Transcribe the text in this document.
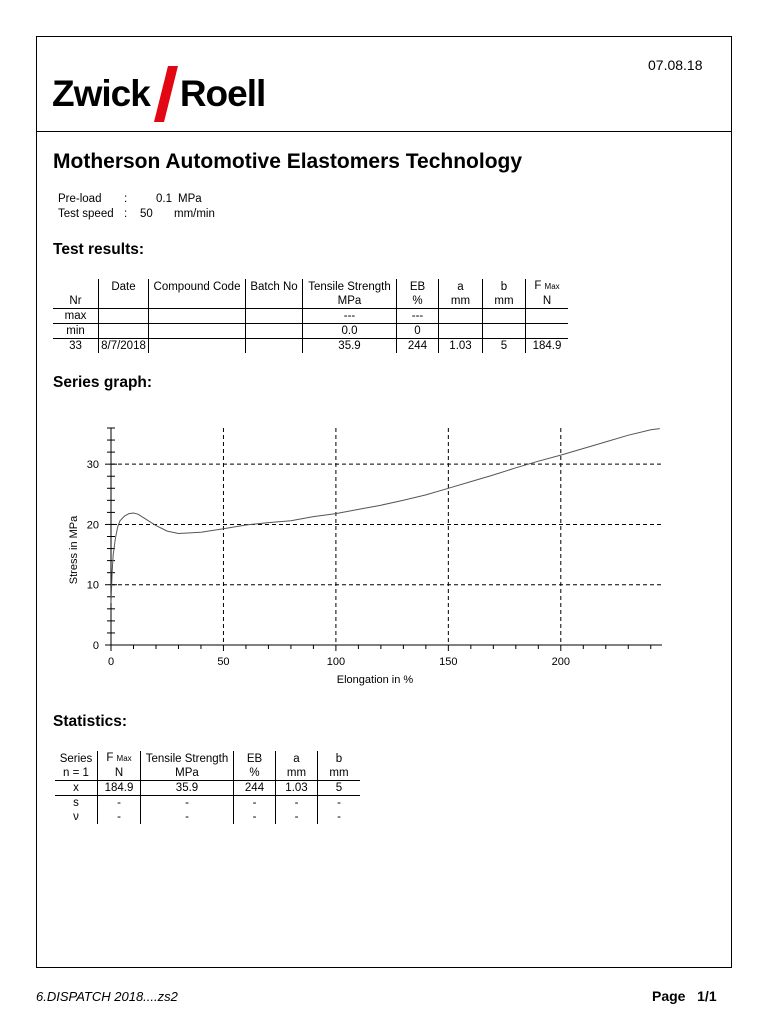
Zwick Roell
07.08.18
Motherson Automotive Elastomers Technology
Pre-load	:	0.1 MPa
Test speed :	50	mm/min
Test results:
	Date	Compound Code	Batch No	Tensile Strength	EB	a	b	F Max
Nr				MPa	%	mm	mm	N
max				---	---			
min				0.0	0			
33	8/7/2018			35.9	244	1.03	5	184.9
Series graph:
0	50	100	150	200
0
10
20
30
Elongation in %
Stress in MPa
Statistics:
Series	F Max	Tensile Strength	EB	a	b
n = 1	N	MPa	%	mm	mm
x	184.9	35.9	244	1.03	5
s	-	-	-	-	-
ν	-	-	-	-	-
6.DISPATCH 2018....zs2	Page 1/1
